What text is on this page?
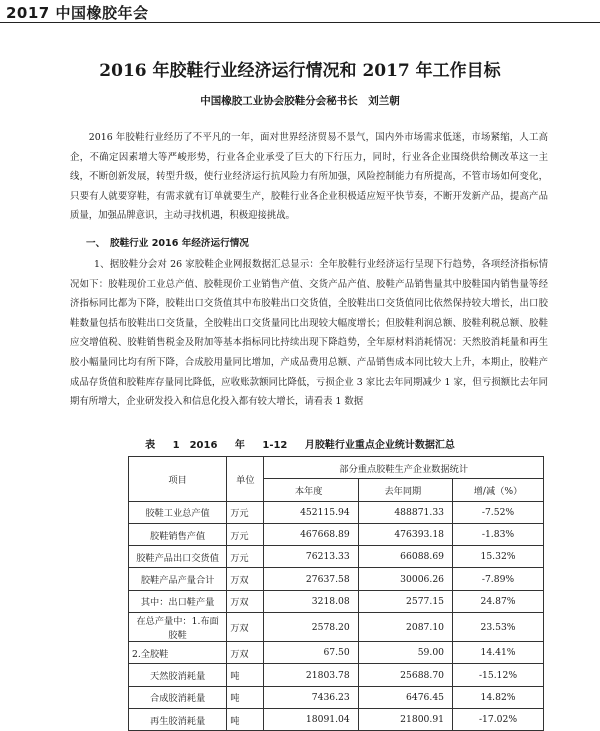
2017 中国橡胶年会
2016 年胶鞋行业经济运行情况和 2017 年工作目标
中国橡胶工业协会胶鞋分会秘书长　刘兰朝

2016 年胶鞋行业经历了不平凡的一年，面对世界经济贸易不景气，国内外市场需求低迷，市场紧缩，人工高企，不确定因素增大等严峻形势，行业各企业承受了巨大的下行压力，同时，行业各企业围绕供给侧改革这一主线，不断创新发展，转型升级，使行业经济运行抗风险力有所加强，风险控制能力有所提高，不管市场如何变化，只要有人就要穿鞋，有需求就有订单就要生产，胶鞋行业各企业积极适应短平快节奏，不断开发新产品，提高产品质量，加强品牌意识，主动寻找机遇，积极迎接挑战。

一、　胶鞋行业 2016 年经济运行情况

1、据胶鞋分会对 26 家胶鞋企业网报数据汇总显示：全年胶鞋行业经济运行呈现下行趋势，各项经济指标情况如下：胶鞋现价工业总产值、胶鞋现价工业销售产值、交货产品产值、胶鞋产品销售量其中胶鞋国内销售量等经济指标同比都为下降，胶鞋出口交货值其中布胶鞋出口交货值，全胶鞋出口交货值同比依然保持较大增长，出口胶鞋数量包括布胶鞋出口交货量，全胶鞋出口交货量同比出现较大幅度增长；但胶鞋利润总额、胶鞋利税总额、胶鞋应交增值税、胶鞋销售税金及附加等基本指标同比持续出现下降趋势，全年原材料消耗情况：天然胶消耗量和再生胶小幅量同比均有所下降，合成胶用量同比增加，产成品费用总额、产品销售成本同比较大上升，本期止，胶鞋产成品存货值和胶鞋库存量同比降低，应收账款额同比降低，亏损企业 3 家比去年同期减少 1 家，但亏损额比去年同期有所增大，企业研发投入和信息化投入都有较大增长，请看表 1 数据

表 1　2016 年 1-12 月胶鞋行业重点企业统计数据汇总
项目	单位	部分重点胶鞋生产企业数据统计		
		本年度	去年同期	增/减（%）
胶鞋工业总产值	万元	452115.94	488871.33	-7.52%
胶鞋销售产值	万元	467668.89	476393.18	-1.83%
胶鞋产品出口交货值	万元	76213.33	66088.69	15.32%
胶鞋产品产量合计	万双	27637.58	30006.26	-7.89%
其中：出口鞋产量	万双	3218.08	2577.15	24.87%
在总产量中：1.布面胶鞋	万双	2578.20	2087.10	23.53%
2.全胶鞋	万双	67.50	59.00	14.41%
天然胶消耗量	吨	21803.78	25688.70	-15.12%
合成胶消耗量	吨	7436.23	6476.45	14.82%
再生胶消耗量	吨	18091.04	21800.91	-17.02%
